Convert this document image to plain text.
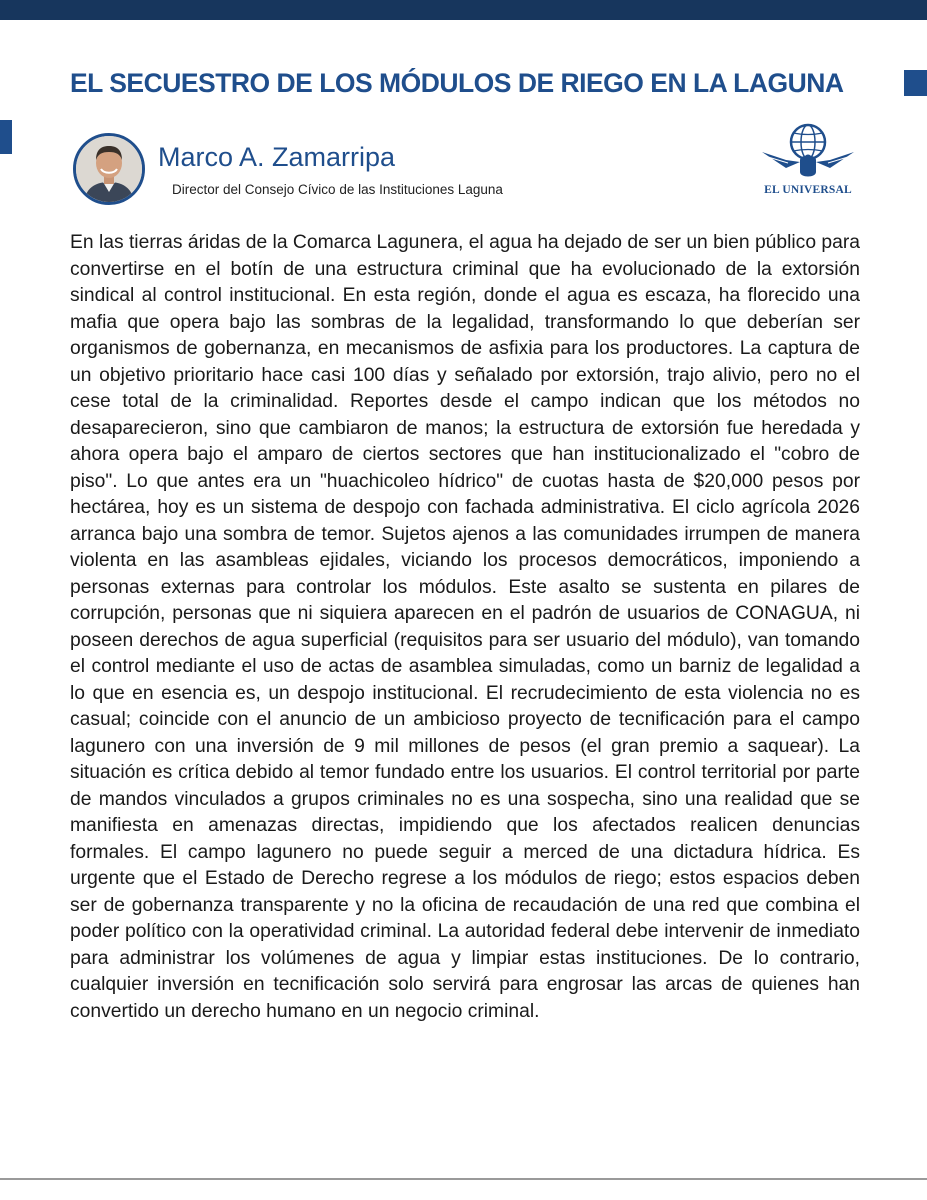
EL SECUESTRO DE LOS MÓDULOS DE RIEGO EN LA LAGUNA
Marco A. Zamarripa

Director del Consejo Cívico de las Instituciones Laguna	EL UNIVERSAL

En las tierras áridas de la Comarca Lagunera, el agua ha dejado de ser un bien público para convertirse en el botín de una estructura criminal que ha evolucionado de la extorsión sindical al control institucional. En esta región, donde el agua es escaza, ha florecido una mafia que opera bajo las sombras de la legalidad, transformando lo que deberían ser organismos de gobernanza, en mecanismos de asfixia para los productores. La captura de un objetivo prioritario hace casi 100 días y señalado por extorsión, trajo alivio, pero no el cese total de la criminalidad. Reportes desde el campo indican que los métodos no desaparecieron, sino que cambiaron de manos; la estructura de extorsión fue heredada y ahora opera bajo el amparo de ciertos sectores que han institucionalizado el "cobro de piso". Lo que antes era un "huachicoleo hídrico" de cuotas hasta de $20,000 pesos por hectárea, hoy es un sistema de despojo con fachada administrativa. El ciclo agrícola 2026 arranca bajo una sombra de temor. Sujetos ajenos a las comunidades irrumpen de manera violenta en las asambleas ejidales, viciando los procesos democráticos, imponiendo a personas externas para controlar los módulos. Este asalto se sustenta en pilares de corrupción, personas que ni siquiera aparecen en el padrón de usuarios de CONAGUA, ni poseen derechos de agua superficial (requisitos para ser usuario del módulo), van tomando el control mediante el uso de actas de asamblea simuladas, como un barniz de legalidad a lo que en esencia es, un despojo institucional. El recrudecimiento de esta violencia no es casual; coincide con el anuncio de un ambicioso proyecto de tecnificación para el campo lagunero con una inversión de 9 mil millones de pesos (el gran premio a saquear). La situación es crítica debido al temor fundado entre los usuarios. El control territorial por parte de mandos vinculados a grupos criminales no es una sospecha, sino una realidad que se manifiesta en amenazas directas, impidiendo que los afectados realicen denuncias formales. El campo lagunero no puede seguir a merced de una dictadura hídrica. Es urgente que el Estado de Derecho regrese a los módulos de riego; estos espacios deben ser de gobernanza transparente y no la oficina de recaudación de una red que combina el poder político con la operatividad criminal. La autoridad federal debe intervenir de inmediato para administrar los volúmenes de agua y limpiar estas instituciones. De lo contrario, cualquier inversión en tecnificación solo servirá para engrosar las arcas de quienes han convertido un derecho humano en un negocio criminal.
